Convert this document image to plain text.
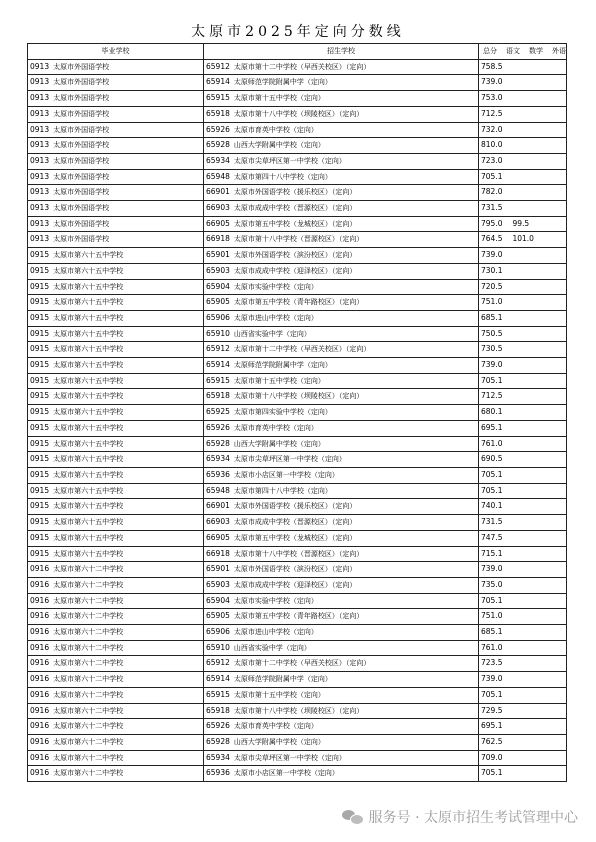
太原市2025年定向分数线
毕业学校	招生学校	总分 语文 数学 外语
0913 太原市外国语学校	65912 太原市第十二中学校（早西关校区）（定向）	758.5
0913 太原市外国语学校	65914 太原师范学院附属中学（定向）	739.0
0913 太原市外国语学校	65915 太原市第十五中学校（定向）	753.0
0913 太原市外国语学校	65918 太原市第十八中学校（坝陵校区）（定向）	712.5
0913 太原市外国语学校	65926 太原市育英中学校（定向）	732.0
0913 太原市外国语学校	65928 山西大学附属中学校（定向）	810.0
0913 太原市外国语学校	65934 太原市尖草坪区第一中学校（定向）	723.0
0913 太原市外国语学校	65948 太原市第四十八中学校（定向）	705.1
0913 太原市外国语学校	66901 太原市外国语学校（援乐校区）（定向）	782.0
0913 太原市外国语学校	66903 太原市成成中学校（晋源校区）（定向）	731.5
0913 太原市外国语学校	66905 太原市第五中学校（龙城校区）（定向）	795.0 99.5
0913 太原市外国语学校	66918 太原市第十八中学校（晋源校区）（定向）	764.5 101.0
0915 太原市第六十五中学校	65901 太原市外国语学校（滨汾校区）（定向）	739.0
0915 太原市第六十五中学校	65903 太原市成成中学校（迎泽校区）（定向）	730.1
0915 太原市第六十五中学校	65904 太原市实验中学校（定向）	720.5
0915 太原市第六十五中学校	65905 太原市第五中学校（青年路校区）（定向）	751.0
0915 太原市第六十五中学校	65906 太原市进山中学校（定向）	685.1
0915 太原市第六十五中学校	65910 山西省实验中学（定向）	750.5
0915 太原市第六十五中学校	65912 太原市第十二中学校（早西关校区）（定向）	730.5
0915 太原市第六十五中学校	65914 太原师范学院附属中学（定向）	739.0
0915 太原市第六十五中学校	65915 太原市第十五中学校（定向）	705.1
0915 太原市第六十五中学校	65918 太原市第十八中学校（坝陵校区）（定向）	712.5
0915 太原市第六十五中学校	65925 太原市第四实验中学校（定向）	680.1
0915 太原市第六十五中学校	65926 太原市育英中学校（定向）	695.1
0915 太原市第六十五中学校	65928 山西大学附属中学校（定向）	761.0
0915 太原市第六十五中学校	65934 太原市尖草坪区第一中学校（定向）	690.5
0915 太原市第六十五中学校	65936 太原市小店区第一中学校（定向）	705.1
0915 太原市第六十五中学校	65948 太原市第四十八中学校（定向）	705.1
0915 太原市第六十五中学校	66901 太原市外国语学校（援乐校区）（定向）	740.1
0915 太原市第六十五中学校	66903 太原市成成中学校（晋源校区）（定向）	731.5
0915 太原市第六十五中学校	66905 太原市第五中学校（龙城校区）（定向）	747.5
0915 太原市第六十五中学校	66918 太原市第十八中学校（晋源校区）（定向）	715.1
0916 太原市第六十二中学校	65901 太原市外国语学校（滨汾校区）（定向）	739.0
0916 太原市第六十二中学校	65903 太原市成成中学校（迎泽校区）（定向）	735.0
0916 太原市第六十二中学校	65904 太原市实验中学校（定向）	705.1
0916 太原市第六十二中学校	65905 太原市第五中学校（青年路校区）（定向）	751.0
0916 太原市第六十二中学校	65906 太原市进山中学校（定向）	685.1
0916 太原市第六十二中学校	65910 山西省实验中学（定向）	761.0
0916 太原市第六十二中学校	65912 太原市第十二中学校（早西关校区）（定向）	723.5
0916 太原市第六十二中学校	65914 太原师范学院附属中学（定向）	739.0
0916 太原市第六十二中学校	65915 太原市第十五中学校（定向）	705.1
0916 太原市第六十二中学校	65918 太原市第十八中学校（坝陵校区）（定向）	729.5
0916 太原市第六十二中学校	65926 太原市育英中学校（定向）	695.1
0916 太原市第六十二中学校	65928 山西大学附属中学校（定向）	762.5
0916 太原市第六十二中学校	65934 太原市尖草坪区第一中学校（定向）	709.0
0916 太原市第六十二中学校	65936 太原市小店区第一中学校（定向）	705.1
服务号 · 太原市招生考试管理中心
